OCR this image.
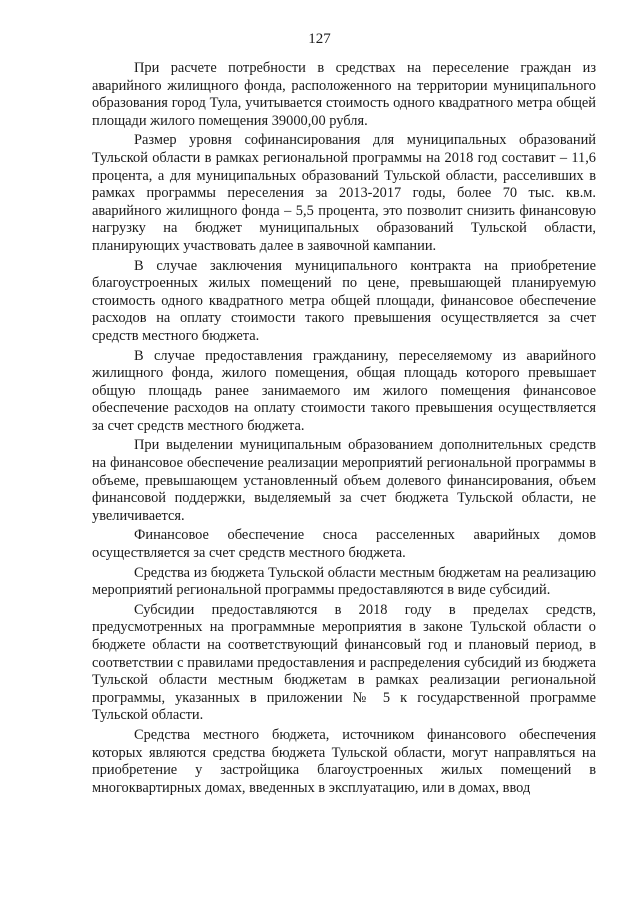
127

При расчете потребности в средствах на переселение граждан из аварийного жилищного фонда, расположенного на территории муниципального образования город Тула, учитывается стоимость одного квадратного метра общей площади жилого помещения 39000,00 рубля.

Размер уровня софинансирования для муниципальных образований Тульской области в рамках региональной программы на 2018 год составит – 11,6 процента, а для муниципальных образований Тульской области, расселивших в рамках программы переселения за 2013-2017 годы, более 70 тыс. кв.м. аварийного жилищного фонда – 5,5 процента, это позволит снизить финансовую нагрузку на бюджет муниципальных образований Тульской области, планирующих участвовать далее в заявочной кампании.

В случае заключения муниципального контракта на приобретение благоустроенных жилых помещений по цене, превышающей планируемую стоимость одного квадратного метра общей площади, финансовое обеспечение расходов на оплату стоимости такого превышения осуществляется за счет средств местного бюджета.

В случае предоставления гражданину, переселяемому из аварийного жилищного фонда, жилого помещения, общая площадь которого превышает общую площадь ранее занимаемого им жилого помещения финансовое обеспечение расходов на оплату стоимости такого превышения осуществляется за счет средств местного бюджета.

При выделении муниципальным образованием дополнительных средств на финансовое обеспечение реализации мероприятий региональной программы в объеме, превышающем установленный объем долевого финансирования, объем финансовой поддержки, выделяемый за счет бюджета Тульской области, не увеличивается.

Финансовое обеспечение сноса расселенных аварийных домов осуществляется за счет средств местного бюджета.

Средства из бюджета Тульской области местным бюджетам на реализацию мероприятий региональной программы предоставляются в виде субсидий.

Субсидии предоставляются в 2018 году в пределах средств, предусмотренных на программные мероприятия в законе Тульской области о бюджете области на соответствующий финансовый год и плановый период, в соответствии с правилами предоставления и распределения субсидий из бюджета Тульской области местным бюджетам в рамках реализации региональной программы, указанных в приложении № 5 к государственной программе Тульской области.

Средства местного бюджета, источником финансового обеспечения которых являются средства бюджета Тульской области, могут направляться на приобретение у застройщика благоустроенных жилых помещений в многоквартирных домах, введенных в эксплуатацию, или в домах, ввод
